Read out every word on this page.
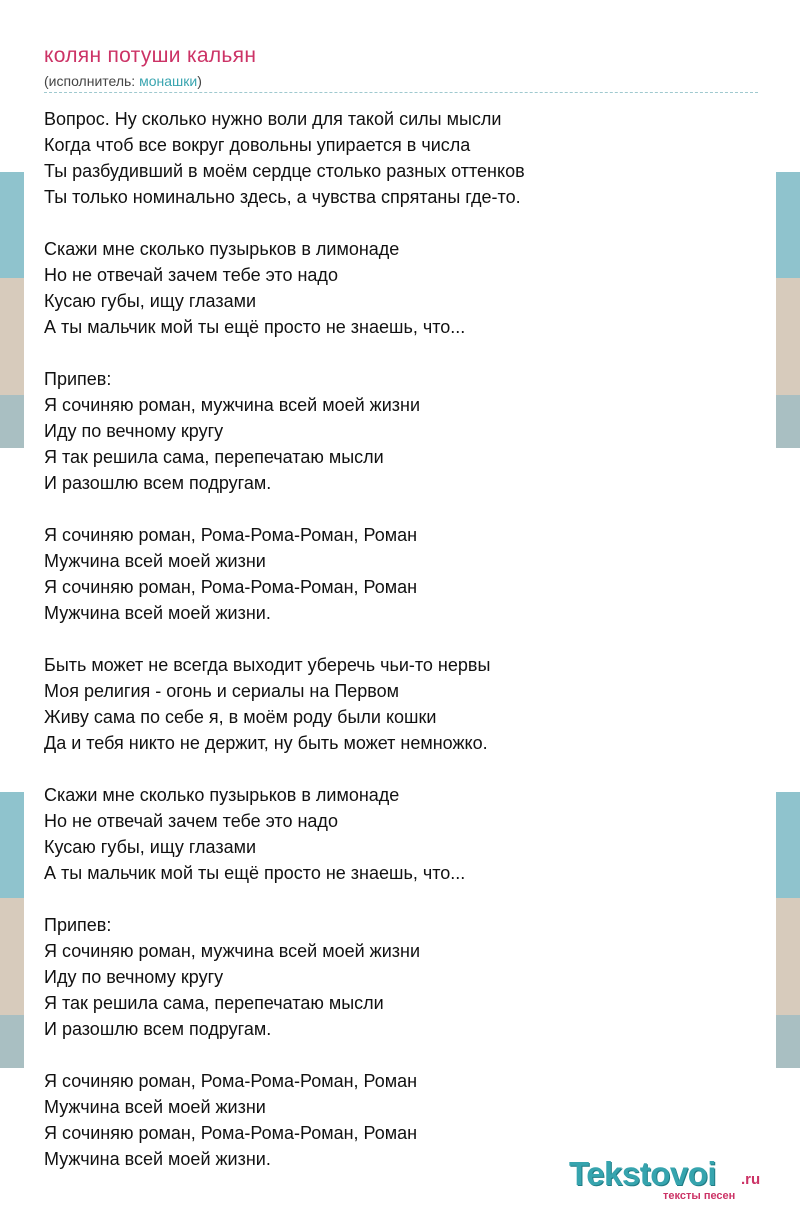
колян потуши кальян
(исполнитель: монашки)
Вопрос. Ну сколько нужно воли для такой силы мысли
Когда чтоб все вокруг довольны упирается в числа
Ты разбудивший в моём сердце столько разных оттенков
Ты только номинально здесь, а чувства спрятаны где-то.
Скажи мне сколько пузырьков в лимонаде
Но не отвечай зачем тебе это надо
Кусаю губы, ищу глазами
А ты мальчик мой ты ещё просто не знаешь, что...
Припев:
Я сочиняю роман, мужчина всей моей жизни
Иду по вечному кругу
Я так решила сама, перепечатаю мысли
И разошлю всем подругам.
Я сочиняю роман, Рома-Рома-Роман, Роман
Мужчина всей моей жизни
Я сочиняю роман, Рома-Рома-Роман, Роман
Мужчина всей моей жизни.
Быть может не всегда выходит уберечь чьи-то нервы
Моя религия - огонь и сериалы на Первом
Живу сама по себе я, в моём роду были кошки
Да и тебя никто не держит, ну быть может немножко.
Скажи мне сколько пузырьков в лимонаде
Но не отвечай зачем тебе это надо
Кусаю губы, ищу глазами
А ты мальчик мой ты ещё просто не знаешь, что...
Припев:
Я сочиняю роман, мужчина всей моей жизни
Иду по вечному кругу
Я так решила сама, перепечатаю мысли
И разошлю всем подругам.
Я сочиняю роман, Рома-Рома-Роман, Роман
Мужчина всей моей жизни
Я сочиняю роман, Рома-Рома-Роман, Роман
Мужчина всей моей жизни.	Tekstovoi .ru
тексты песен
